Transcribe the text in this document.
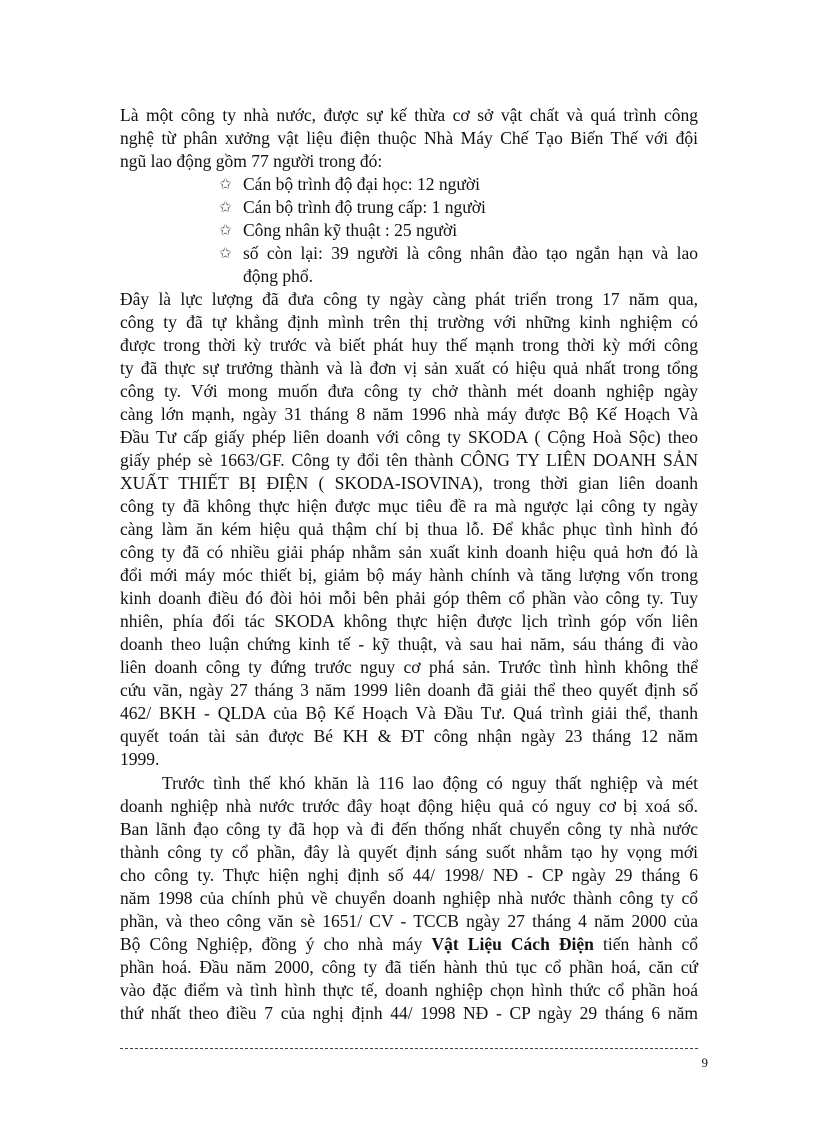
Là một công ty nhà nước, được sự kế thừa cơ sở vật chất và quá trình công
nghệ từ phân xưởng vật liệu điện thuộc Nhà Máy Chế Tạo Biến Thế với đội
ngũ lao động gồm 77 người trong đó:
✩ Cán bộ trình độ đại học: 12 người
✩ Cán bộ trình độ trung cấp: 1 người
✩ Công nhân kỹ thuật : 25 người
✩ số còn lại: 39 người là công nhân đào tạo ngắn hạn và lao
động phổ.
Đây là lực lượng đã đưa công ty ngày càng phát triển trong 17 năm qua,
công ty đã tự khẳng định mình trên thị trường với những kinh nghiệm có
được trong thời kỳ trước và biết phát huy thế mạnh trong thời kỳ mới công
ty đã thực sự trưởng thành và là đơn vị sản xuất có hiệu quả nhất trong tổng
công ty. Với mong muốn đưa công ty chở thành mét doanh nghiệp ngày
càng lớn mạnh, ngày 31 tháng 8 năm 1996 nhà máy được Bộ Kế Hoạch Và
Đầu Tư cấp giấy phép liên doanh với công ty SKODA ( Cộng Hoà Sộc) theo
giấy phép sè 1663/GF. Công ty đổi tên thành CÔNG TY LIÊN DOANH SẢN
XUẤT THIẾT BỊ ĐIỆN ( SKODA-ISOVINA), trong thời gian liên doanh
công ty đã không thực hiện được mục tiêu đề ra mà ngược lại công ty ngày
càng làm ăn kém hiệu quả thậm chí bị thua lỗ. Để khắc phục tình hình đó
công ty đã có nhiều giải pháp nhằm sản xuất kinh doanh hiệu quả hơn đó là
đổi mới máy móc thiết bị, giảm bộ máy hành chính và tăng lượng vốn trong
kinh doanh điều đó đòi hỏi mỗi bên phải góp thêm cổ phần vào công ty. Tuy
nhiên, phía đối tác SKODA không thực hiện được lịch trình góp vốn liên
doanh theo luận chứng kinh tế - kỹ thuật, và sau hai năm, sáu tháng đi vào
liên doanh công ty đứng trước nguy cơ phá sản. Trước tình hình không thể
cứu vãn, ngày 27 tháng 3 năm 1999 liên doanh đã giải thể theo quyết định số
462/ BKH - QLDA của Bộ Kế Hoạch Và Đầu Tư. Quá trình giải thể, thanh
quyết toán tài sản được Bé KH & ĐT công nhận ngày 23 tháng 12 năm
1999.
Trước tình thế khó khăn là 116 lao động có nguy thất nghiệp và mét
doanh nghiệp nhà nước trước đây hoạt động hiệu quả có nguy cơ bị xoá sổ.
Ban lãnh đạo công ty đã họp và đi đến thống nhất chuyển công ty nhà nước
thành công ty cổ phần, đây là quyết định sáng suốt nhằm tạo hy vọng mới
cho công ty. Thực hiện nghị định số 44/ 1998/ NĐ - CP ngày 29 tháng 6
năm 1998 của chính phủ về chuyển doanh nghiệp nhà nước thành công ty cổ
phần, và theo công văn sè 1651/ CV - TCCB ngày 27 tháng 4 năm 2000 của
Bộ Công Nghiệp, đồng ý cho nhà máy Vật Liệu Cách Điện tiến hành cổ
phần hoá. Đầu năm 2000, công ty đã tiến hành thủ tục cổ phần hoá, căn cứ
vào đặc điểm và tình hình thực tế, doanh nghiệp chọn hình thức cổ phần hoá
thứ nhất theo điều 7 của nghị định 44/ 1998 NĐ - CP ngày 29 tháng 6 năm
9
